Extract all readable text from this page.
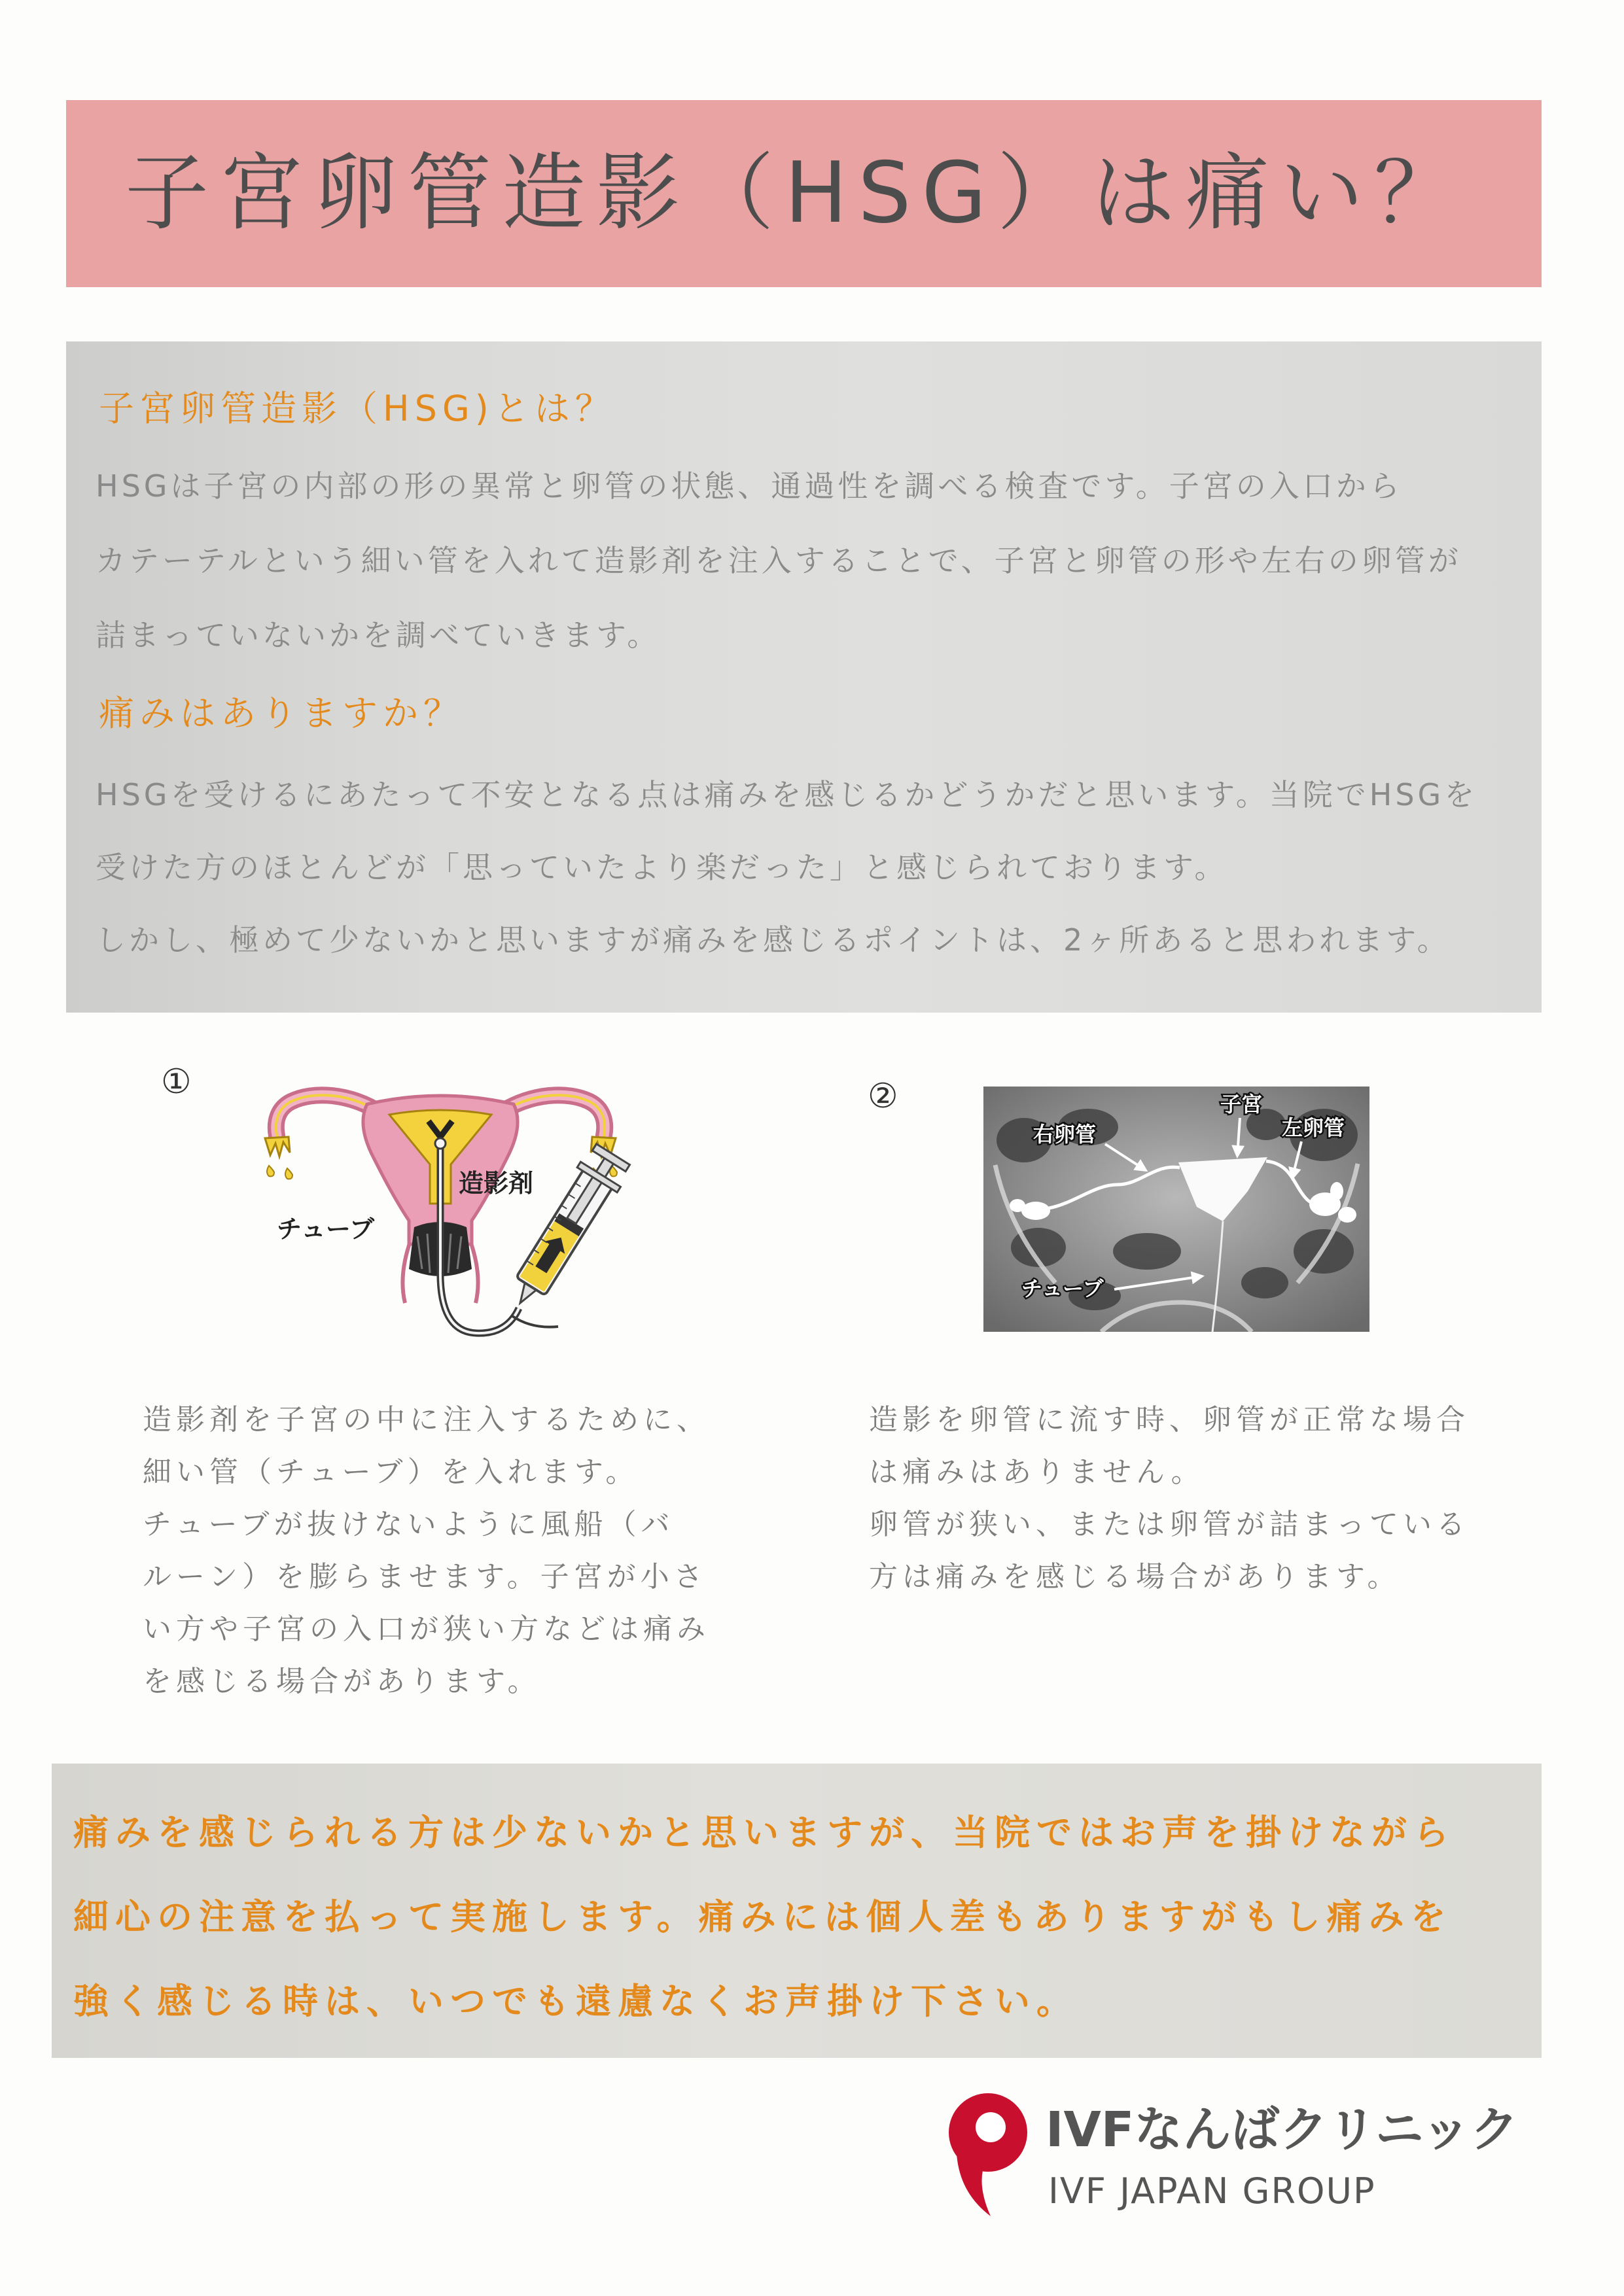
子宮卵管造影（HSG）は痛い？
子宮卵管造影（HSG)とは？
HSGは子宮の内部の形の異常と卵管の状態、通過性を調べる検査です。子宮の入口から
カテーテルという細い管を入れて造影剤を注入することで、子宮と卵管の形や左右の卵管が
詰まっていないかを調べていきます。
痛みはありますか？
HSGを受けるにあたって不安となる点は痛みを感じるかどうかだと思います。当院でHSGを
受けた方のほとんどが「思っていたより楽だった」と感じられております。
しかし、極めて少ないかと思いますが痛みを感じるポイントは、2ヶ所あると思われます。
①
造影剤
チューブ
造影剤を子宮の中に注入するために、
細い管（チューブ）を入れます。
チューブが抜けないように風船（バ
ルーン）を膨らませます。子宮が小さ
い方や子宮の入口が狭い方などは痛み
を感じる場合があります。
②
右卵管
子宮
左卵管
チューブ
造影を卵管に流す時、卵管が正常な場合
は痛みはありません。
卵管が狭い、または卵管が詰まっている
方は痛みを感じる場合があります。
痛みを感じられる方は少ないかと思いますが、当院ではお声を掛けながら
細心の注意を払って実施します。痛みには個人差もありますがもし痛みを
強く感じる時は、いつでも遠慮なくお声掛け下さい。
IVFなんばクリニック
IVF JAPAN GROUP
